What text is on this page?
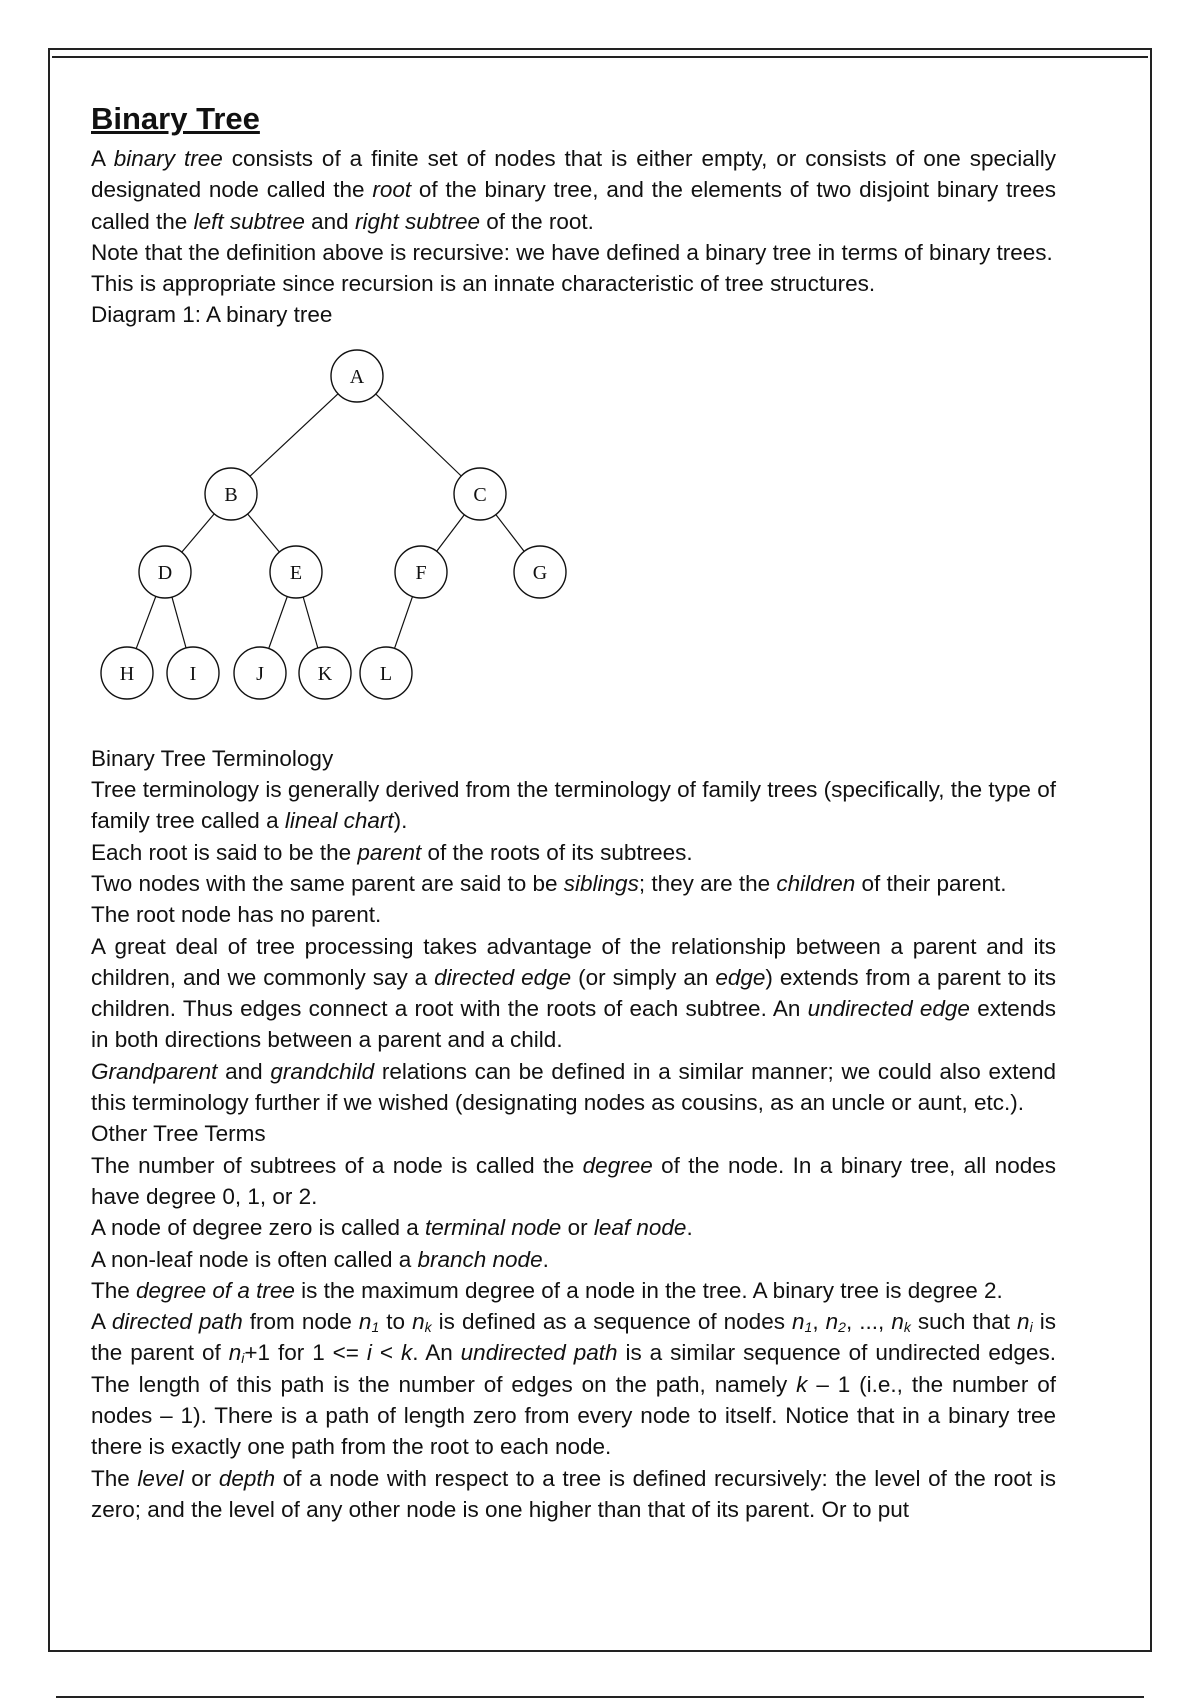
Binary Tree

A binary tree consists of a finite set of nodes that is either empty, or consists of one specially designated node called the root of the binary tree, and the elements of two disjoint binary trees called the left subtree and right subtree of the root.

Note that the definition above is recursive: we have defined a binary tree in terms of binary trees. This is appropriate since recursion is an innate characteristic of tree structures.

Diagram 1: A binary tree

A
B	C
D	E	F	G
H	I	J	K L

Binary Tree Terminology

Tree terminology is generally derived from the terminology of family trees (specifically, the type of family tree called a lineal chart).

Each root is said to be the parent of the roots of its subtrees.

Two nodes with the same parent are said to be siblings; they are the children of their parent.

The root node has no parent.

A great deal of tree processing takes advantage of the relationship between a parent and its children, and we commonly say a directed edge (or simply an edge) extends from a parent to its children. Thus edges connect a root with the roots of each subtree. An undirected edge extends in both directions between a parent and a child.

Grandparent and grandchild relations can be defined in a similar manner; we could also extend this terminology further if we wished (designating nodes as cousins, as an uncle or aunt, etc.).

Other Tree Terms

The number of subtrees of a node is called the degree of the node. In a binary tree, all nodes have degree 0, 1, or 2.

A node of degree zero is called a terminal node or leaf node.

A non-leaf node is often called a branch node.

The degree of a tree is the maximum degree of a node in the tree. A binary tree is degree 2.

A directed path from node $n_1$ to $n_k$ is defined as a sequence of nodes $n_1$, $n_2$, ..., $n_k$ such that $n_i$ is the parent of $n_i+1$ for 1 <= i < k. An undirected path is a similar sequence of undirected edges. The length of this path is the number of edges on the path, namely k – 1 (i.e., the number of nodes – 1). There is a path of length zero from every node to itself. Notice that in a binary tree there is exactly one path from the root to each node.

The level or depth of a node with respect to a tree is defined recursively: the level of the root is zero; and the level of any other node is one higher than that of its parent. Or to put
